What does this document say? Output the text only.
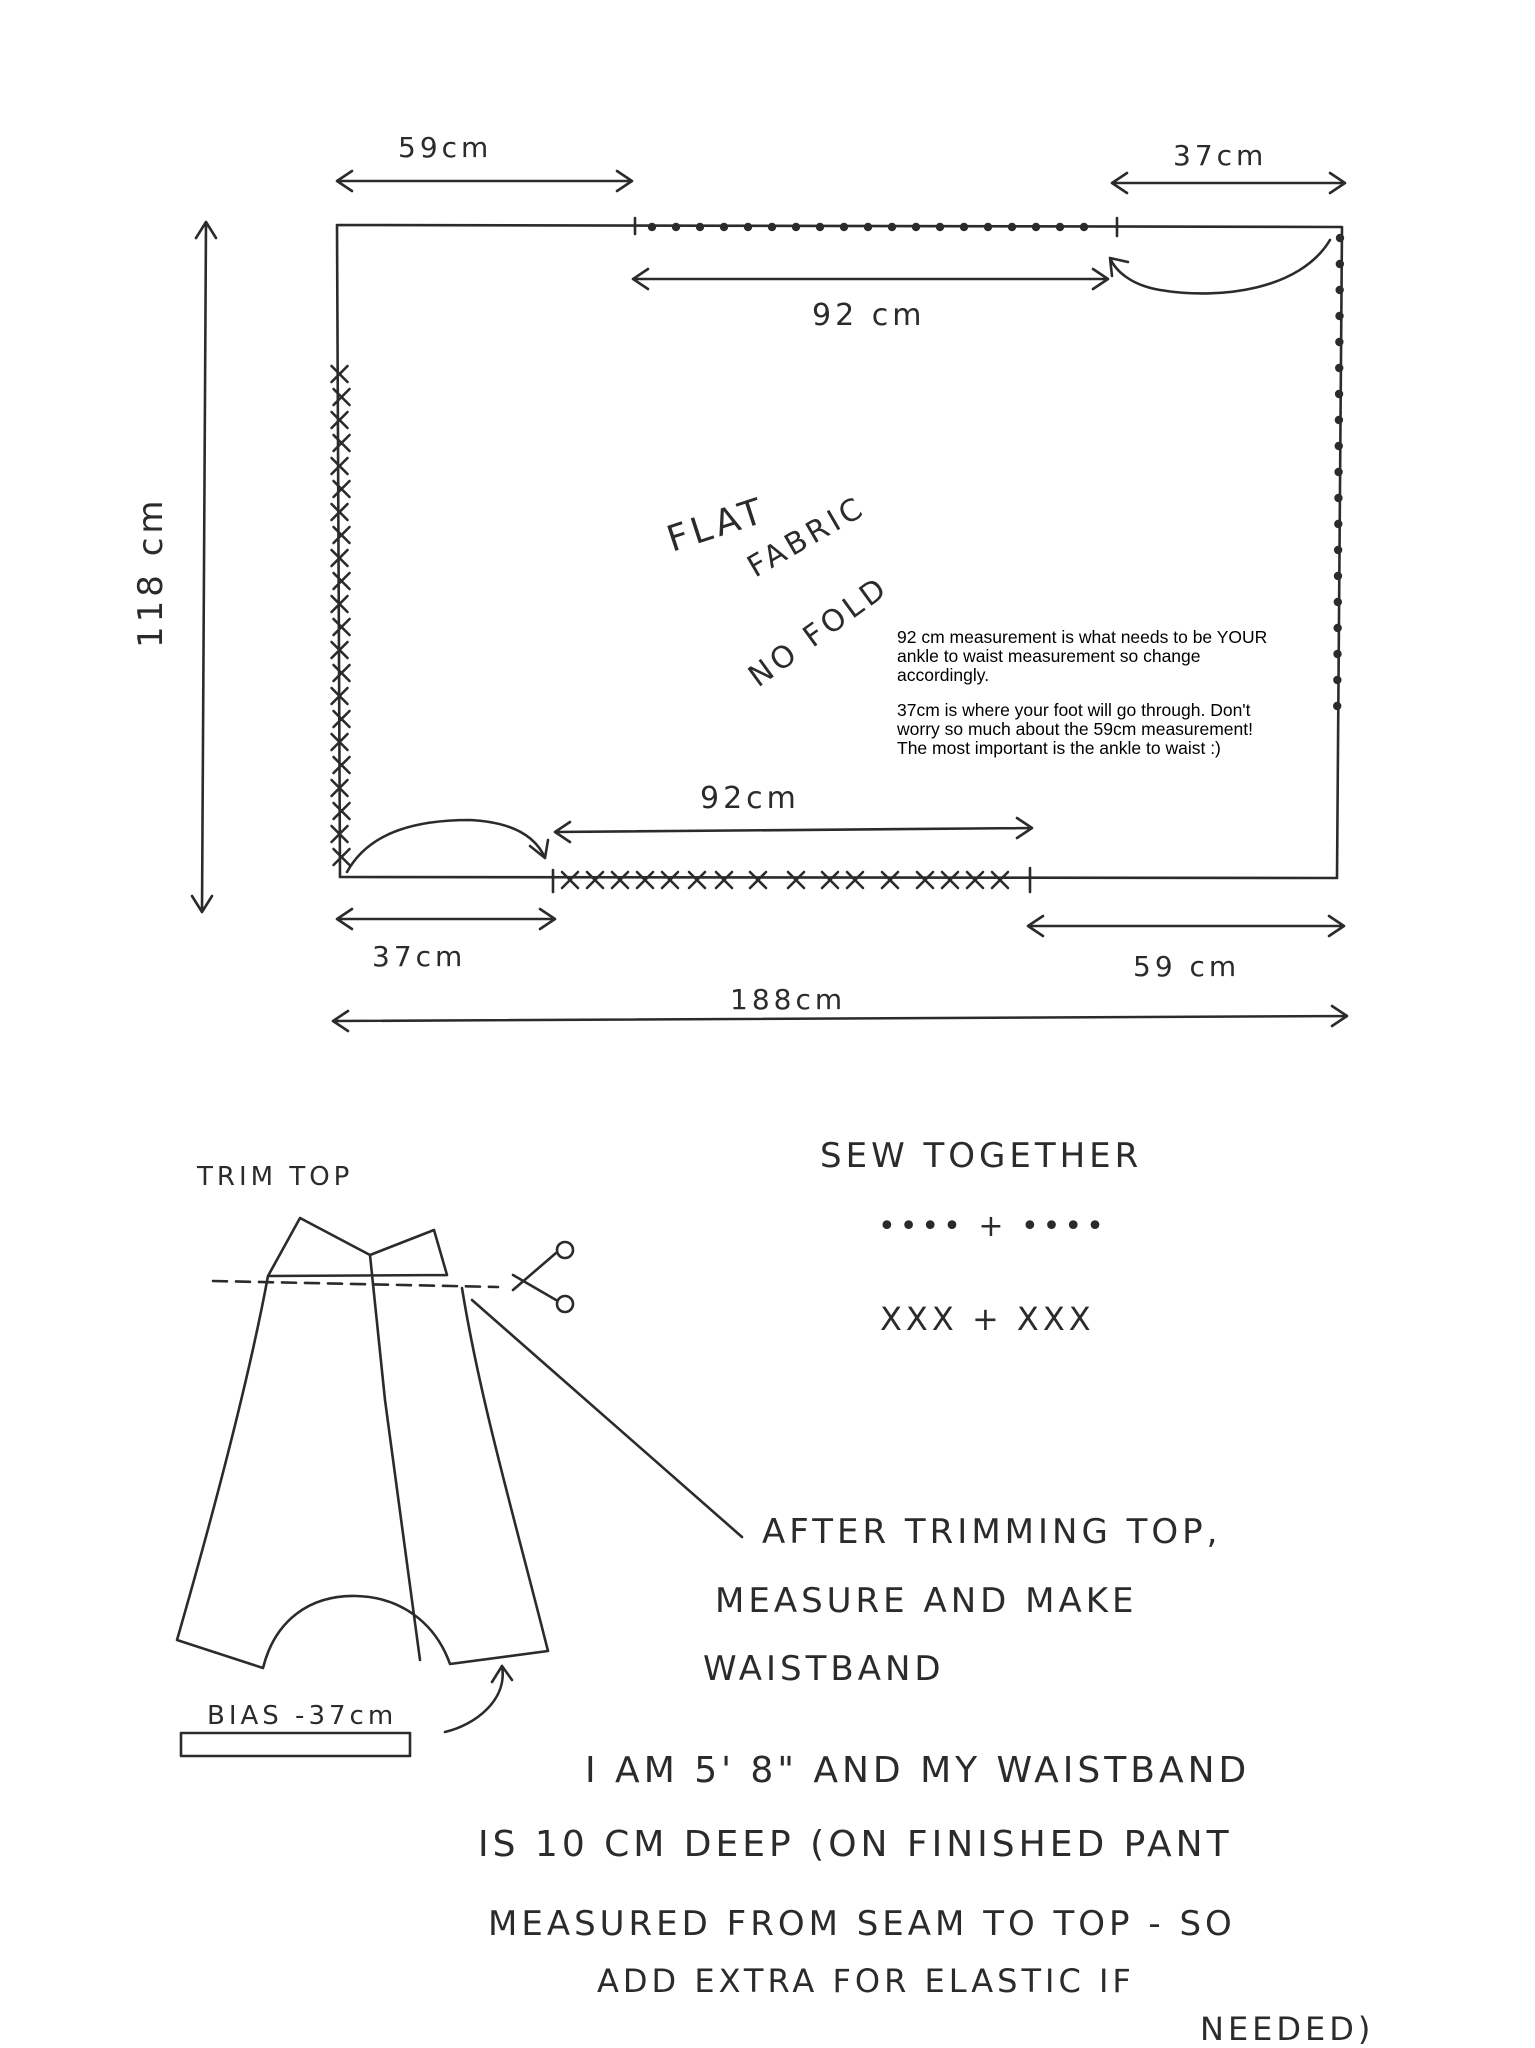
59cm	37cm
92 cm
118 cm
92cm
37cm	59 cm
188cm
FLAT
FABRIC
NO FOLD
TRIM TOP
BIAS -37cm
SEW TOGETHER
•••• + ••••
XXX + XXX
AFTER TRIMMING TOP,
MEASURE AND MAKE
WAISTBAND
I AM 5' 8" AND MY WAISTBAND
IS 10 CM DEEP (ON FINISHED PANT
MEASURED FROM SEAM TO TOP - SO
ADD EXTRA FOR ELASTIC IF
NEEDED)

92 cm measurement is what needs to be YOUR ankle to waist measurement so change accordingly.

37cm is where your foot will go through. Don't worry so much about the 59cm measurement! The most important is the ankle to waist :)
